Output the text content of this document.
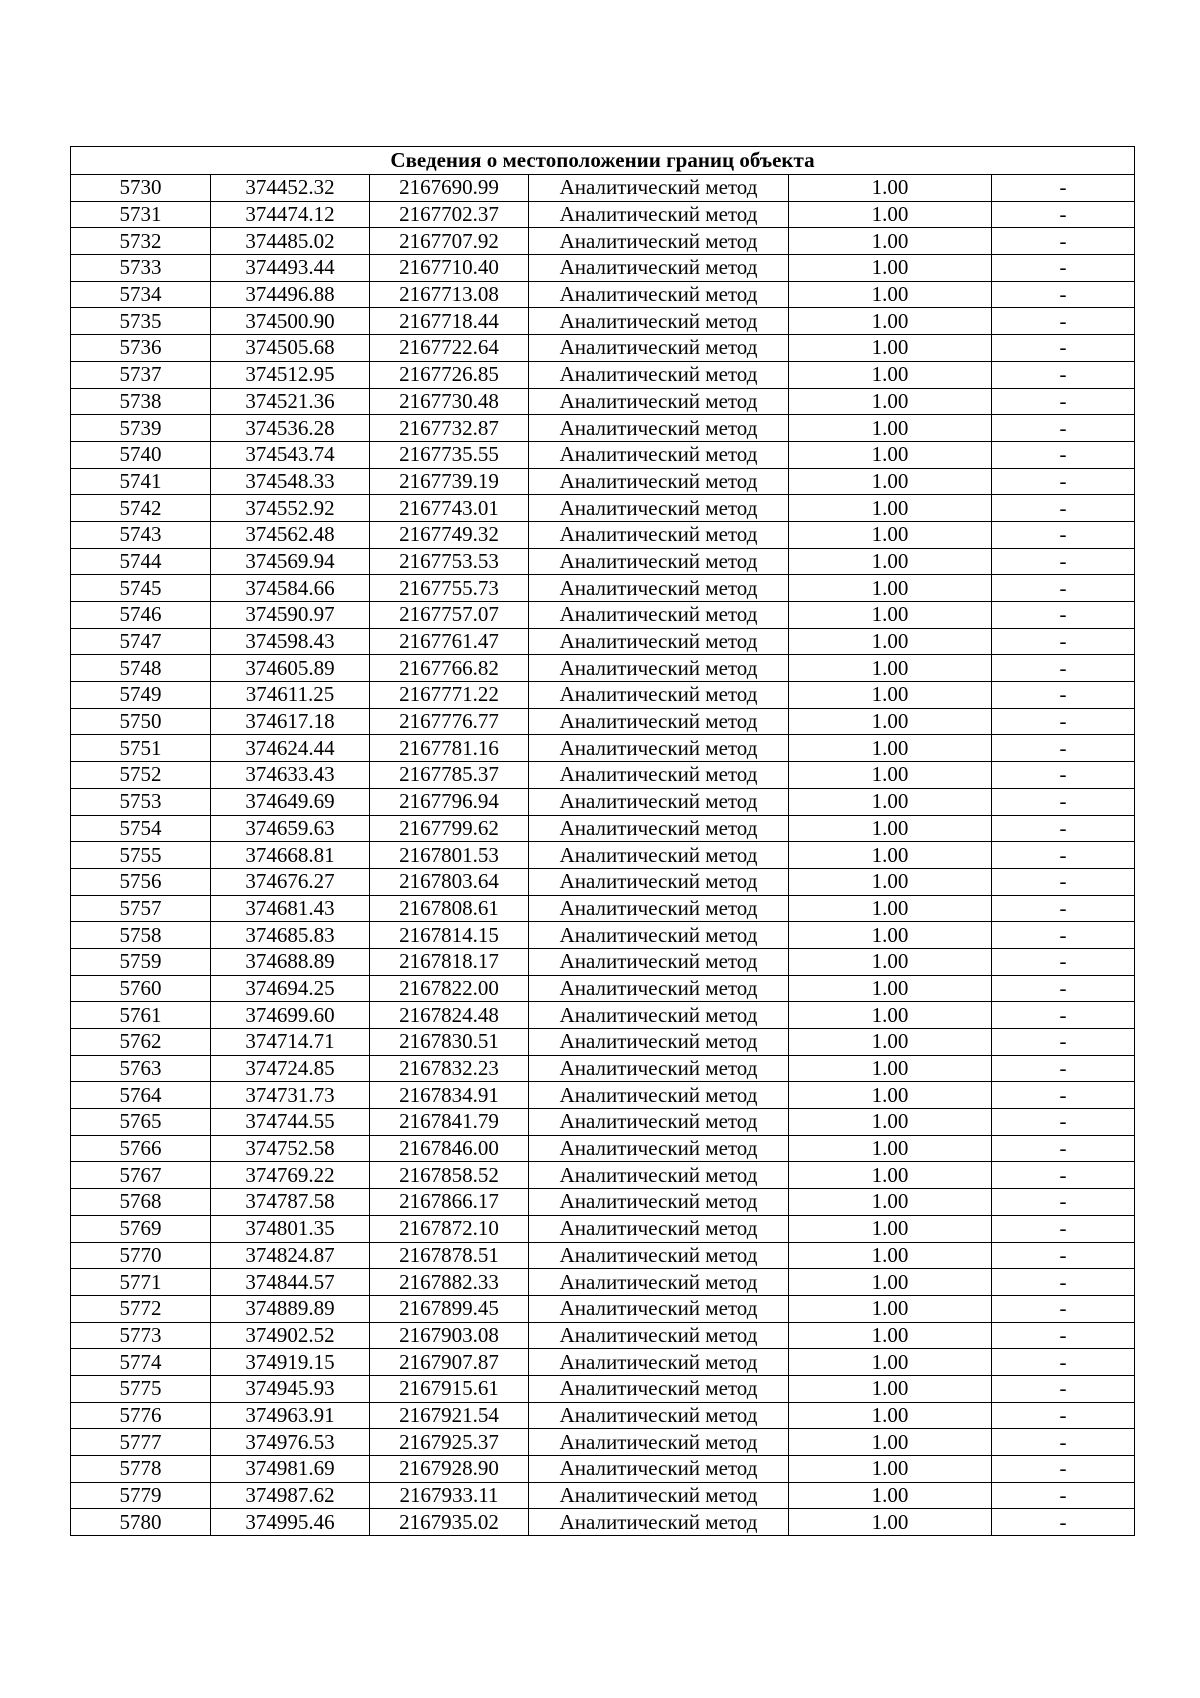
Сведения о местоположении границ объекта					
5730	374452.32	2167690.99	Аналитический метод	1.00	-
5731	374474.12	2167702.37	Аналитический метод	1.00	-
5732	374485.02	2167707.92	Аналитический метод	1.00	-
5733	374493.44	2167710.40	Аналитический метод	1.00	-
5734	374496.88	2167713.08	Аналитический метод	1.00	-
5735	374500.90	2167718.44	Аналитический метод	1.00	-
5736	374505.68	2167722.64	Аналитический метод	1.00	-
5737	374512.95	2167726.85	Аналитический метод	1.00	-
5738	374521.36	2167730.48	Аналитический метод	1.00	-
5739	374536.28	2167732.87	Аналитический метод	1.00	-
5740	374543.74	2167735.55	Аналитический метод	1.00	-
5741	374548.33	2167739.19	Аналитический метод	1.00	-
5742	374552.92	2167743.01	Аналитический метод	1.00	-
5743	374562.48	2167749.32	Аналитический метод	1.00	-
5744	374569.94	2167753.53	Аналитический метод	1.00	-
5745	374584.66	2167755.73	Аналитический метод	1.00	-
5746	374590.97	2167757.07	Аналитический метод	1.00	-
5747	374598.43	2167761.47	Аналитический метод	1.00	-
5748	374605.89	2167766.82	Аналитический метод	1.00	-
5749	374611.25	2167771.22	Аналитический метод	1.00	-
5750	374617.18	2167776.77	Аналитический метод	1.00	-
5751	374624.44	2167781.16	Аналитический метод	1.00	-
5752	374633.43	2167785.37	Аналитический метод	1.00	-
5753	374649.69	2167796.94	Аналитический метод	1.00	-
5754	374659.63	2167799.62	Аналитический метод	1.00	-
5755	374668.81	2167801.53	Аналитический метод	1.00	-
5756	374676.27	2167803.64	Аналитический метод	1.00	-
5757	374681.43	2167808.61	Аналитический метод	1.00	-
5758	374685.83	2167814.15	Аналитический метод	1.00	-
5759	374688.89	2167818.17	Аналитический метод	1.00	-
5760	374694.25	2167822.00	Аналитический метод	1.00	-
5761	374699.60	2167824.48	Аналитический метод	1.00	-
5762	374714.71	2167830.51	Аналитический метод	1.00	-
5763	374724.85	2167832.23	Аналитический метод	1.00	-
5764	374731.73	2167834.91	Аналитический метод	1.00	-
5765	374744.55	2167841.79	Аналитический метод	1.00	-
5766	374752.58	2167846.00	Аналитический метод	1.00	-
5767	374769.22	2167858.52	Аналитический метод	1.00	-
5768	374787.58	2167866.17	Аналитический метод	1.00	-
5769	374801.35	2167872.10	Аналитический метод	1.00	-
5770	374824.87	2167878.51	Аналитический метод	1.00	-
5771	374844.57	2167882.33	Аналитический метод	1.00	-
5772	374889.89	2167899.45	Аналитический метод	1.00	-
5773	374902.52	2167903.08	Аналитический метод	1.00	-
5774	374919.15	2167907.87	Аналитический метод	1.00	-
5775	374945.93	2167915.61	Аналитический метод	1.00	-
5776	374963.91	2167921.54	Аналитический метод	1.00	-
5777	374976.53	2167925.37	Аналитический метод	1.00	-
5778	374981.69	2167928.90	Аналитический метод	1.00	-
5779	374987.62	2167933.11	Аналитический метод	1.00	-
5780	374995.46	2167935.02	Аналитический метод	1.00	-
